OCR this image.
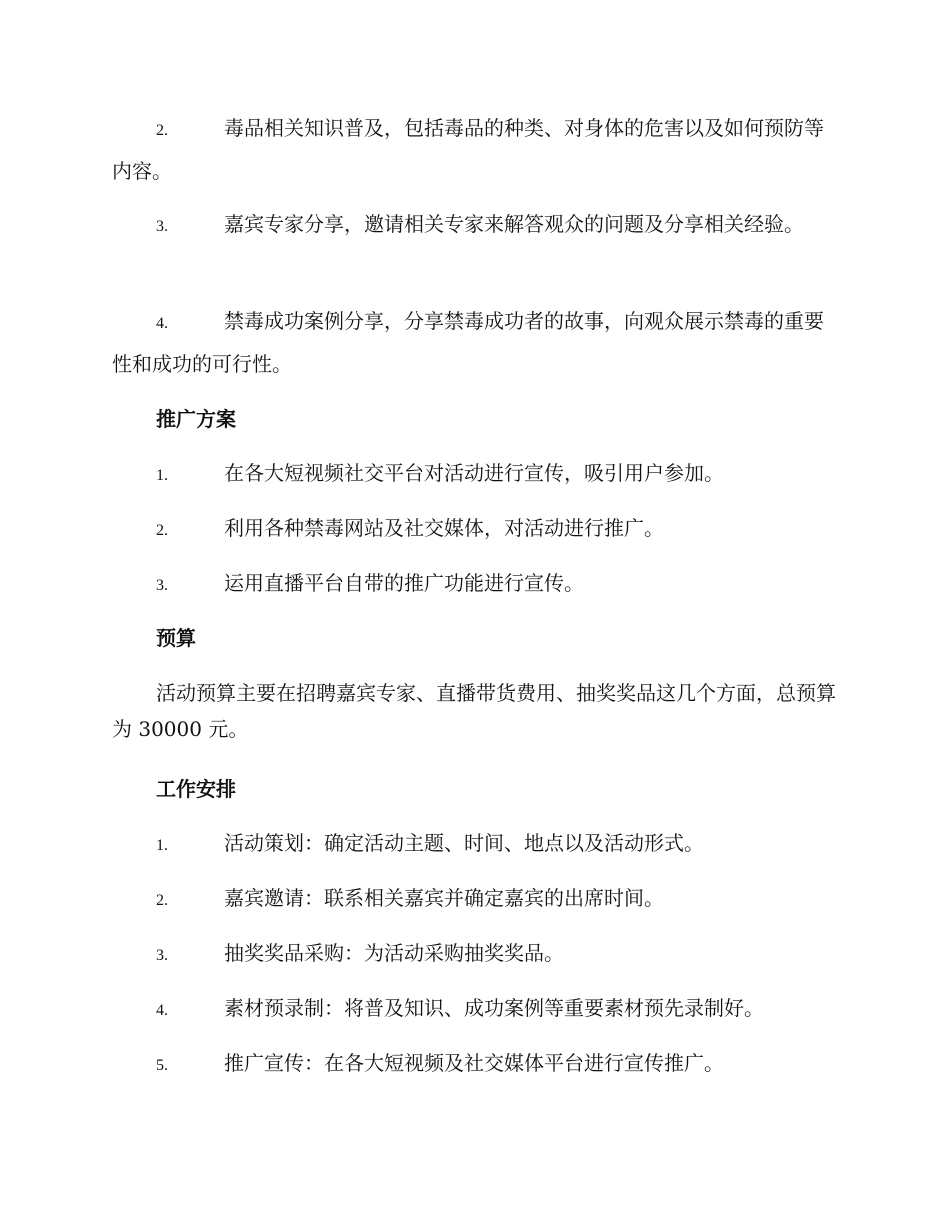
2.	毒品相关知识普及，包括毒品的种类、对身体的危害以及如何预防等内容。
3.	嘉宾专家分享，邀请相关专家来解答观众的问题及分享相关经验。
4.	禁毒成功案例分享，分享禁毒成功者的故事，向观众展示禁毒的重要性和成功的可行性。
推广方案
1.	在各大短视频社交平台对活动进行宣传，吸引用户参加。
2.	利用各种禁毒网站及社交媒体，对活动进行推广。
3.	运用直播平台自带的推广功能进行宣传。
预算
活动预算主要在招聘嘉宾专家、直播带货费用、抽奖奖品这几个方面，总预算为 30000 元。
工作安排
1.	活动策划：确定活动主题、时间、地点以及活动形式。
2.	嘉宾邀请：联系相关嘉宾并确定嘉宾的出席时间。
3.	抽奖奖品采购：为活动采购抽奖奖品。
4.	素材预录制：将普及知识、成功案例等重要素材预先录制好。
5.	推广宣传：在各大短视频及社交媒体平台进行宣传推广。
